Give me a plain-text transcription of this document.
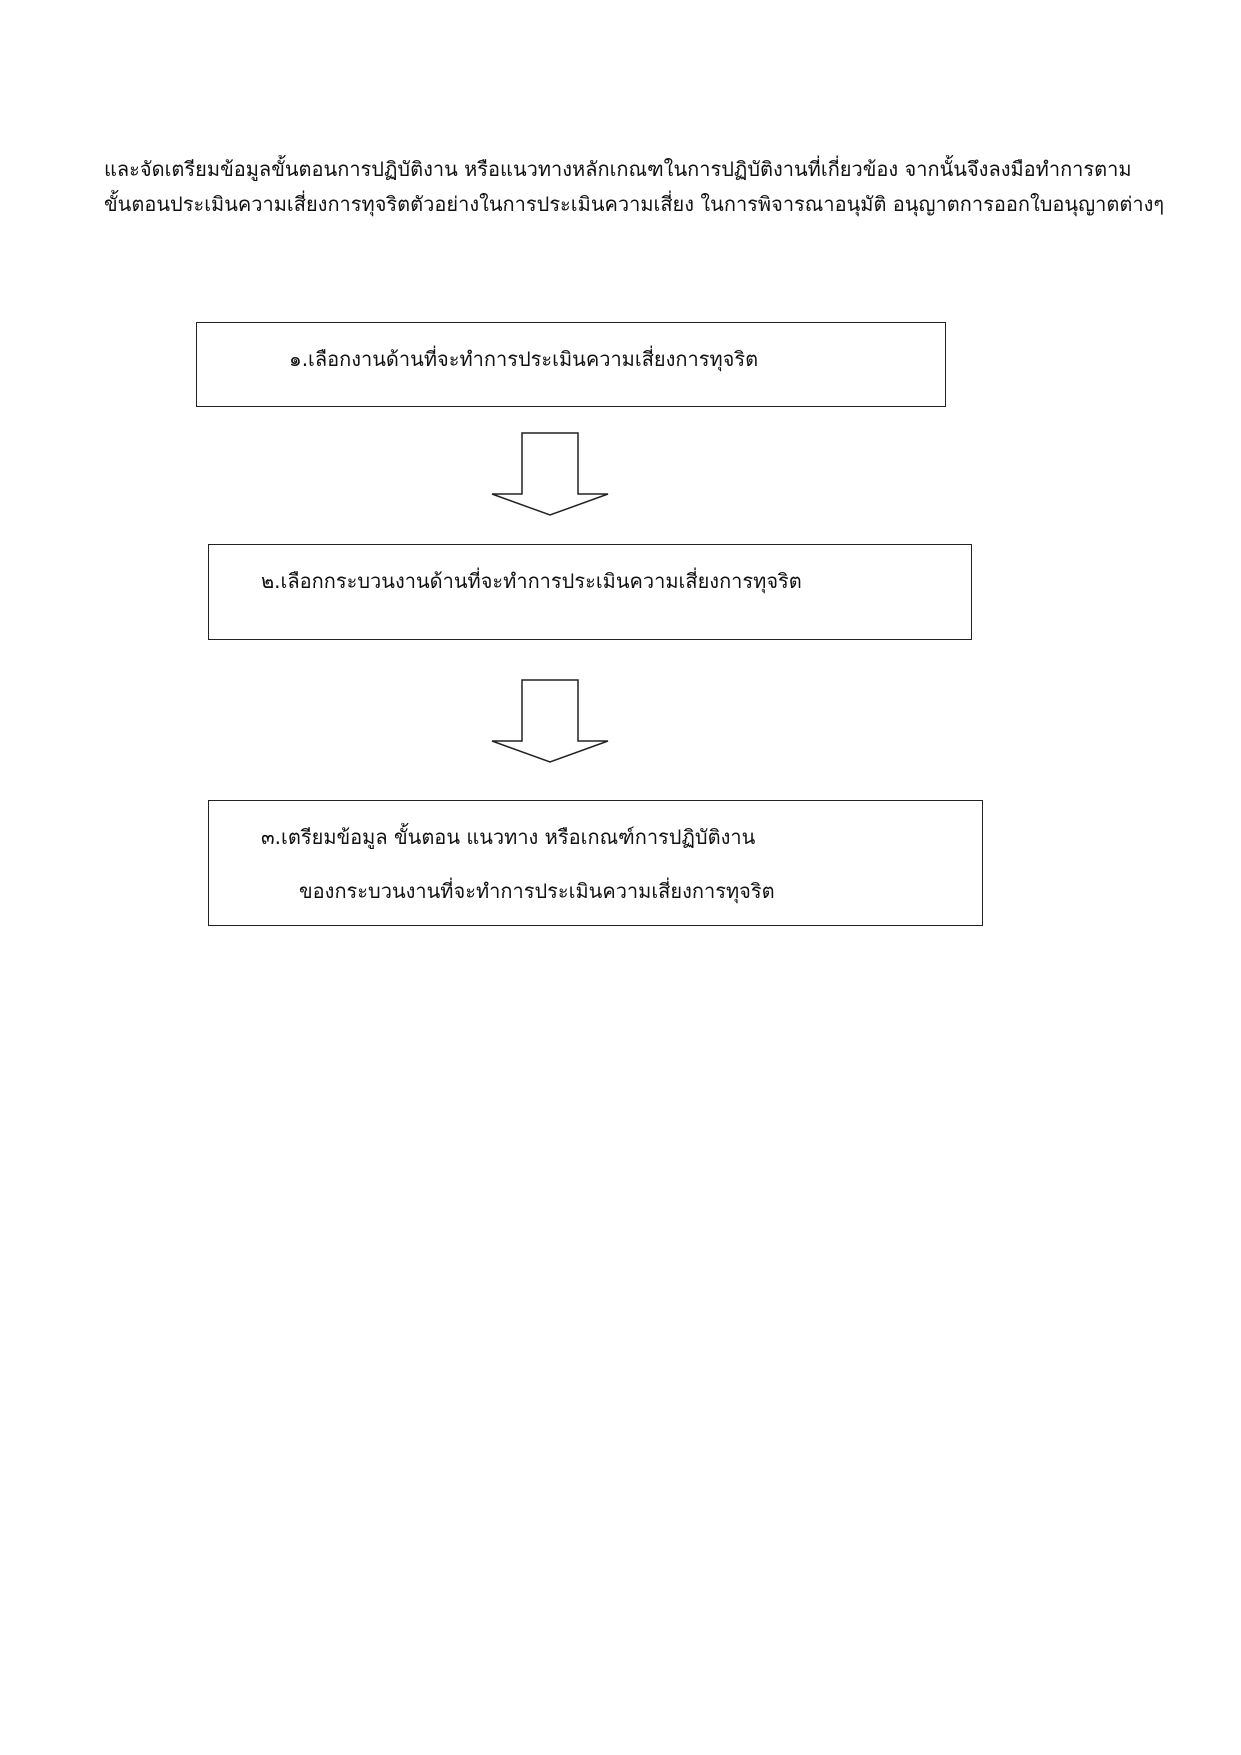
และจัดเตรียมข้อมูลขั้นตอนการปฏิบัติงาน หรือแนวทางหลักเกณฑในการปฏิบัติงานที่เกี่ยวข้อง จากนั้นจึงลงมือทำการตาม

ขั้นตอนประเมินความเสี่ยงการทุจริตตัวอย่างในการประเมินความเสี่ยง ในการพิจารณาอนุมัติ อนุญาตการออกใบอนุญาตต่างๆ

๑.เลือกงานด้านที่จะทำการประเมินความเสี่ยงการทุจริต

๒.เลือกกระบวนงานด้านที่จะทำการประเมินความเสี่ยงการทุจริต

๓.เตรียมข้อมูล ขั้นตอน แนวทาง หรือเกณฑ์การปฏิบัติงาน

ของกระบวนงานที่จะทำการประเมินความเสี่ยงการทุจริต
